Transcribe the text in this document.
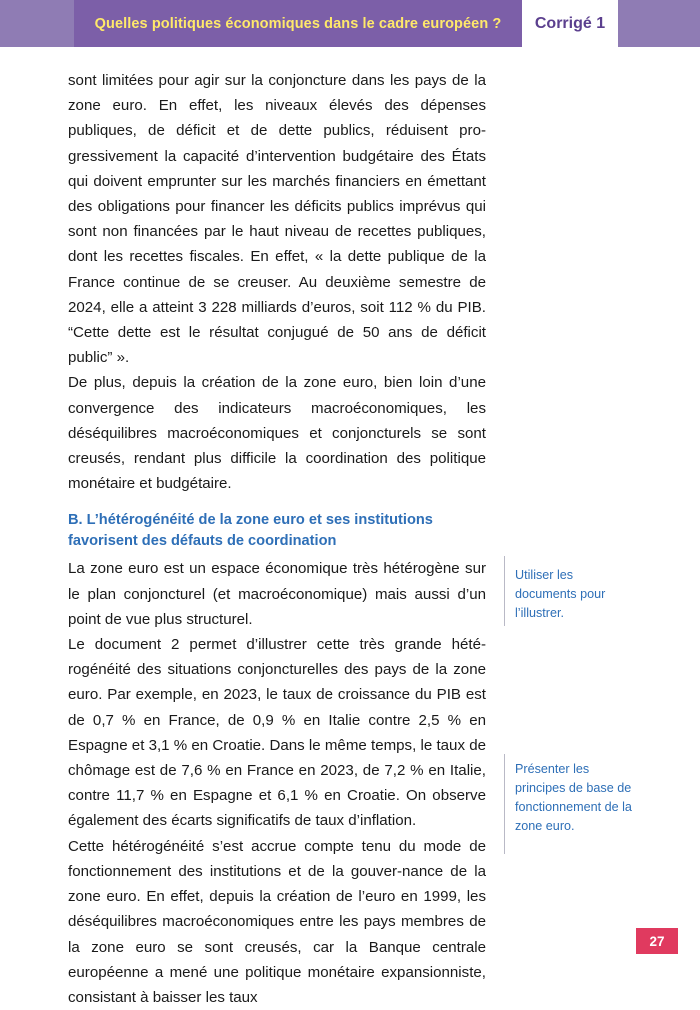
Quelles politiques économiques dans le cadre européen ? Corrigé 1

sont limitées pour agir sur la conjoncture dans les pays de la zone euro. En effet, les niveaux élevés des dépenses publiques, de déficit et de dette publics, réduisent pro-gressivement la capacité d’intervention budgétaire des États qui doivent emprunter sur les marchés financiers en émettant des obligations pour financer les déficits publics imprévus qui sont non financées par le haut niveau de recettes publiques, dont les recettes fiscales. En effet, « la dette publique de la France continue de se creuser. Au deuxième semestre de 2024, elle a atteint 3 228 milliards d’euros, soit 112 % du PIB. “Cette dette est le résultat conjugué de 50 ans de déficit public” ».

De plus, depuis la création de la zone euro, bien loin d’une convergence des indicateurs macroéconomiques, les déséquilibres macroéconomiques et conjoncturels se sont creusés, rendant plus difficile la coordination des politique monétaire et budgétaire.

B. L’hétérogénéité de la zone euro et ses institutions favorisent des défauts de coordination

La zone euro est un espace économique très hétérogène sur le plan conjoncturel (et macroéconomique) mais aussi d’un point de vue plus structurel.

Le document 2 permet d’illustrer cette très grande hété-rogénéité des situations conjoncturelles des pays de la zone euro. Par exemple, en 2023, le taux de croissance du PIB est de 0,7 % en France, de 0,9 % en Italie contre 2,5 % en Espagne et 3,1 % en Croatie. Dans le même temps, le taux de chômage est de 7,6 % en France en 2023, de 7,2 % en Italie, contre 11,7 % en Espagne et 6,1 % en Croatie. On observe également des écarts significatifs de taux d’inflation.

Cette hétérogénéité s’est accrue compte tenu du mode de fonctionnement des institutions et de la gouver-nance de la zone euro. En effet, depuis la création de l’euro en 1999, les déséquilibres macroéconomiques entre les pays membres de la zone euro se sont creusés, car la Banque centrale européenne a mené une politique monétaire expansionniste, consistant à baisser les taux

Utiliser les documents pour l’illustrer.
Présenter les principes de base de fonctionnement de la zone euro.
27
